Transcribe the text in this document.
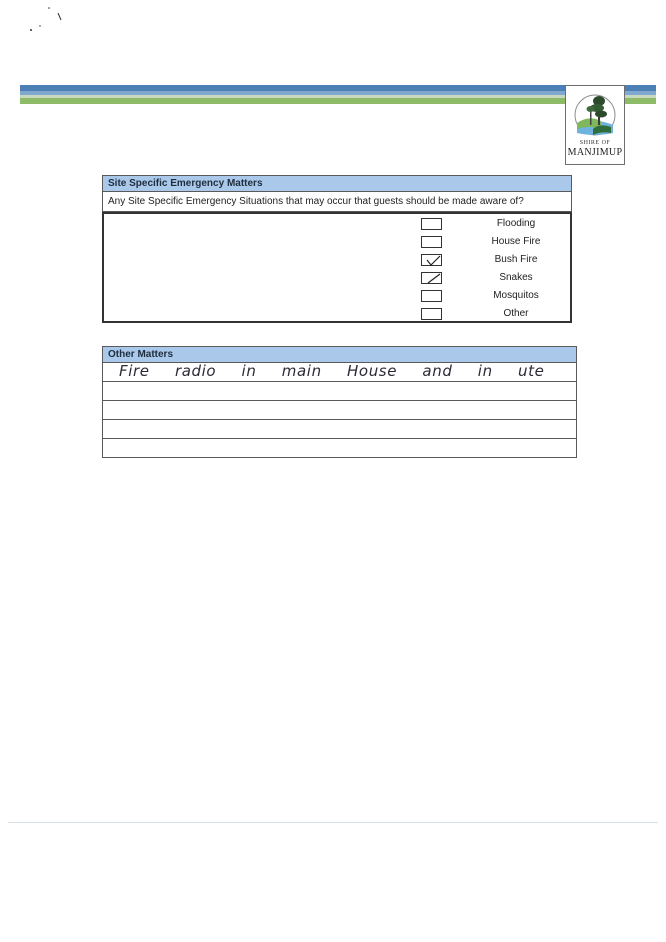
SHIRE OF
MANJIMUP
Site Specific Emergency Matters
Any Site Specific Emergency Situations that may occur that guests should be made aware of?
Flooding
House Fire
Bush Fire
Snakes
Mosquitos
Other
Other Matters
Fire radio in main House and in ute
